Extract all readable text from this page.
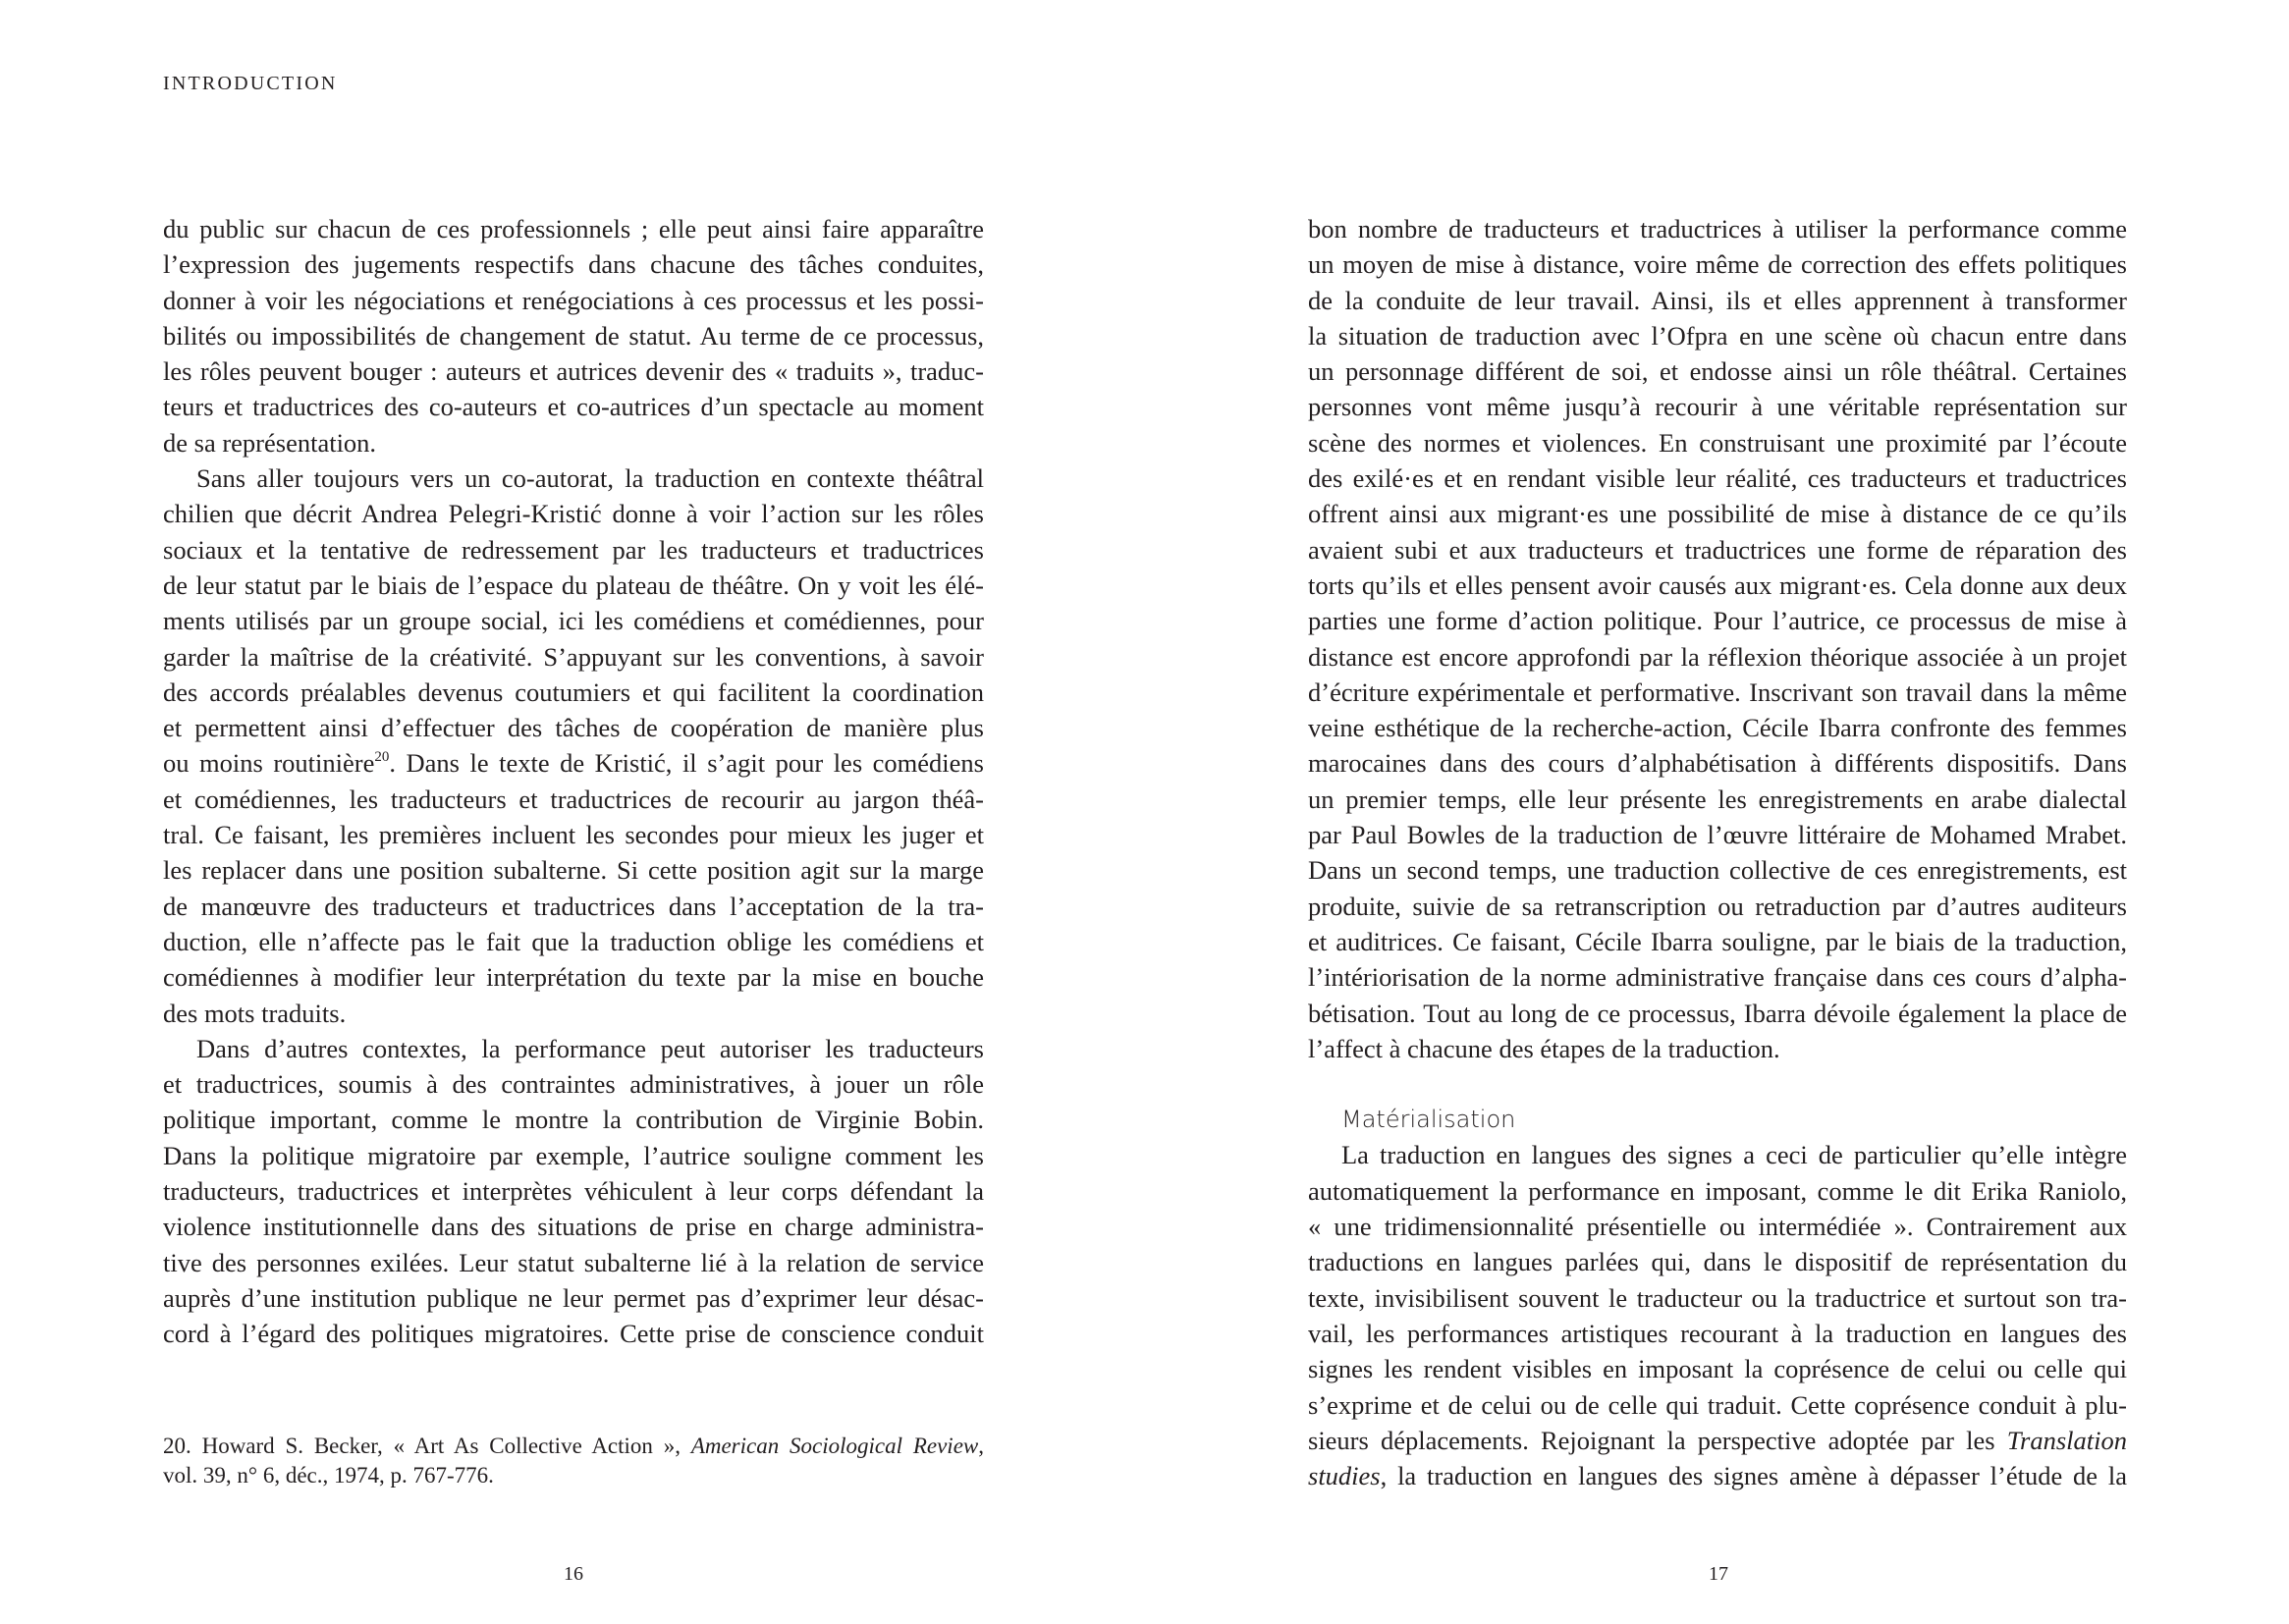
INTRODUCTION
du public sur chacun de ces professionnels ; elle peut ainsi faire apparaître
l’expression des jugements respectifs dans chacune des tâches conduites,
donner à voir les négociations et renégociations à ces processus et les possi-
bilités ou impossibilités de changement de statut. Au terme de ce processus,
les rôles peuvent bouger : auteurs et autrices devenir des « traduits », traduc-
teurs et traductrices des co-auteurs et co-autrices d’un spectacle au moment
de sa représentation.
Sans aller toujours vers un co-autorat, la traduction en contexte théâtral
chilien que décrit Andrea Pelegri-Kristić donne à voir l’action sur les rôles
sociaux et la tentative de redressement par les traducteurs et traductrices
de leur statut par le biais de l’espace du plateau de théâtre. On y voit les élé-
ments utilisés par un groupe social, ici les comédiens et comédiennes, pour
garder la maîtrise de la créativité. S’appuyant sur les conventions, à savoir
des accords préalables devenus coutumiers et qui facilitent la coordination
et permettent ainsi d’effectuer des tâches de coopération de manière plus
ou moins routinière$^{20}$. Dans le texte de Kristić, il s’agit pour les comédiens
et comédiennes, les traducteurs et traductrices de recourir au jargon théâ-
tral. Ce faisant, les premières incluent les secondes pour mieux les juger et
les replacer dans une position subalterne. Si cette position agit sur la marge
de manœuvre des traducteurs et traductrices dans l’acceptation de la tra-
duction, elle n’affecte pas le fait que la traduction oblige les comédiens et
comédiennes à modifier leur interprétation du texte par la mise en bouche
des mots traduits.
Dans d’autres contextes, la performance peut autoriser les traducteurs
et traductrices, soumis à des contraintes administratives, à jouer un rôle
politique important, comme le montre la contribution de Virginie Bobin.
Dans la politique migratoire par exemple, l’autrice souligne comment les
traducteurs, traductrices et interprètes véhiculent à leur corps défendant la
violence institutionnelle dans des situations de prise en charge administra-
tive des personnes exilées. Leur statut subalterne lié à la relation de service
auprès d’une institution publique ne leur permet pas d’exprimer leur désac-
cord à l’égard des politiques migratoires. Cette prise de conscience conduit
20. Howard S. Becker, « Art As Collective Action », American Sociological Review,
vol. 39, n° 6, déc., 1974, p. 767-776.
16
bon nombre de traducteurs et traductrices à utiliser la performance comme
un moyen de mise à distance, voire même de correction des effets politiques
de la conduite de leur travail. Ainsi, ils et elles apprennent à transformer
la situation de traduction avec l’Ofpra en une scène où chacun entre dans
un personnage différent de soi, et endosse ainsi un rôle théâtral. Certaines
personnes vont même jusqu’à recourir à une véritable représentation sur
scène des normes et violences. En construisant une proximité par l’écoute
des exilé·es et en rendant visible leur réalité, ces traducteurs et traductrices
offrent ainsi aux migrant·es une possibilité de mise à distance de ce qu’ils
avaient subi et aux traducteurs et traductrices une forme de réparation des
torts qu’ils et elles pensent avoir causés aux migrant·es. Cela donne aux deux
parties une forme d’action politique. Pour l’autrice, ce processus de mise à
distance est encore approfondi par la réflexion théorique associée à un projet
d’écriture expérimentale et performative. Inscrivant son travail dans la même
veine esthétique de la recherche-action, Cécile Ibarra confronte des femmes
marocaines dans des cours d’alphabétisation à différents dispositifs. Dans
un premier temps, elle leur présente les enregistrements en arabe dialectal
par Paul Bowles de la traduction de l’œuvre littéraire de Mohamed Mrabet.
Dans un second temps, une traduction collective de ces enregistrements, est
produite, suivie de sa retranscription ou retraduction par d’autres auditeurs
et auditrices. Ce faisant, Cécile Ibarra souligne, par le biais de la traduction,
l’intériorisation de la norme administrative française dans ces cours d’alpha-
bétisation. Tout au long de ce processus, Ibarra dévoile également la place de
l’affect à chacune des étapes de la traduction.
Matérialisation
La traduction en langues des signes a ceci de particulier qu’elle intègre
automatiquement la performance en imposant, comme le dit Erika Raniolo,
« une tridimensionnalité présentielle ou intermédiée ». Contrairement aux
traductions en langues parlées qui, dans le dispositif de représentation du
texte, invisibilisent souvent le traducteur ou la traductrice et surtout son tra-
vail, les performances artistiques recourant à la traduction en langues des
signes les rendent visibles en imposant la coprésence de celui ou celle qui
s’exprime et de celui ou de celle qui traduit. Cette coprésence conduit à plu-
sieurs déplacements. Rejoignant la perspective adoptée par les Translation
studies, la traduction en langues des signes amène à dépasser l’étude de la
17
